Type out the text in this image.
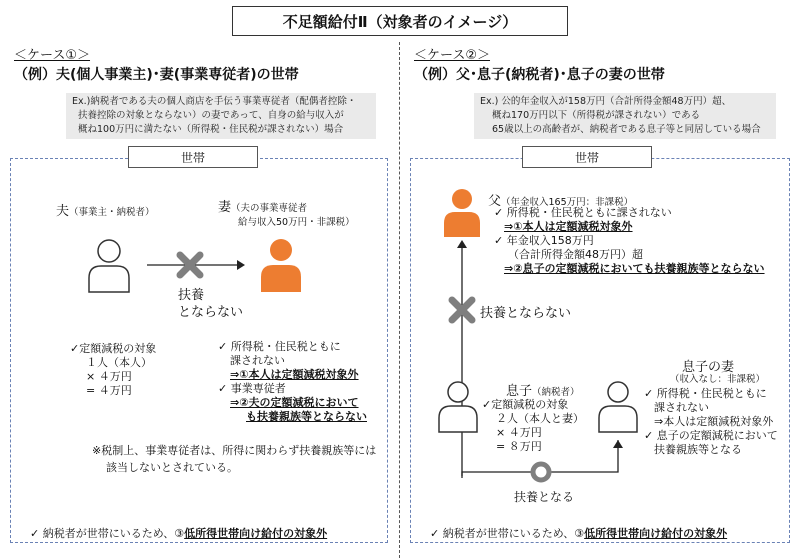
不足額給付Ⅱ（対象者のイメージ）
＜ケース①＞
（例）夫(個人事業主)･妻(事業専従者)の世帯
Ex.)納税者である夫の個人商店を手伝う事業専従者（配偶者控除・
扶養控除の対象とならない）の妻であって、自身の給与収入が
概ね100万円に満たない（所得税・住民税が課されない）場合
世帯
夫（事業主・納税者）
扶養
とならない
妻（夫の事業専従者
給与収入50万円・非課税）
✓定額減税の対象
１人（本人）
× ４万円
= ４万円
✓ 所得税・住民税ともに
課されない
⇒①本人は定額減税対象外
✓ 事業専従者
⇒②夫の定額減税において
も扶養親族等とならない
※税制上、事業専従者は、所得に関わらず扶養親族等には
該当しないとされている。
✓ 納税者が世帯にいるため、③低所得世帯向け給付の対象外
＜ケース②＞
（例）父･息子(納税者)･息子の妻の世帯
Ex.) 公的年金収入が158万円（合計所得金額48万円）超、
概ね170万円以下（所得税が課されない）である
65歳以上の高齢者が、納税者である息子等と同居している場合
世帯
父（年金収入165万円：非課税）
✓ 所得税・住民税ともに課されない
⇒①本人は定額減税対象外
✓ 年金収入158万円
（合計所得金額48万円）超
⇒②息子の定額減税においても扶養親族等とならない
扶養とならない
息子（納税者）
✓定額減税の対象
２人（本人と妻）
× ４万円
= ８万円
息子の妻
（収入なし：非課税）
✓ 所得税・住民税ともに
課されない
⇒本人は定額減税対象外
✓ 息子の定額減税において
扶養親族等となる
扶養となる
✓ 納税者が世帯にいるため、③低所得世帯向け給付の対象外
